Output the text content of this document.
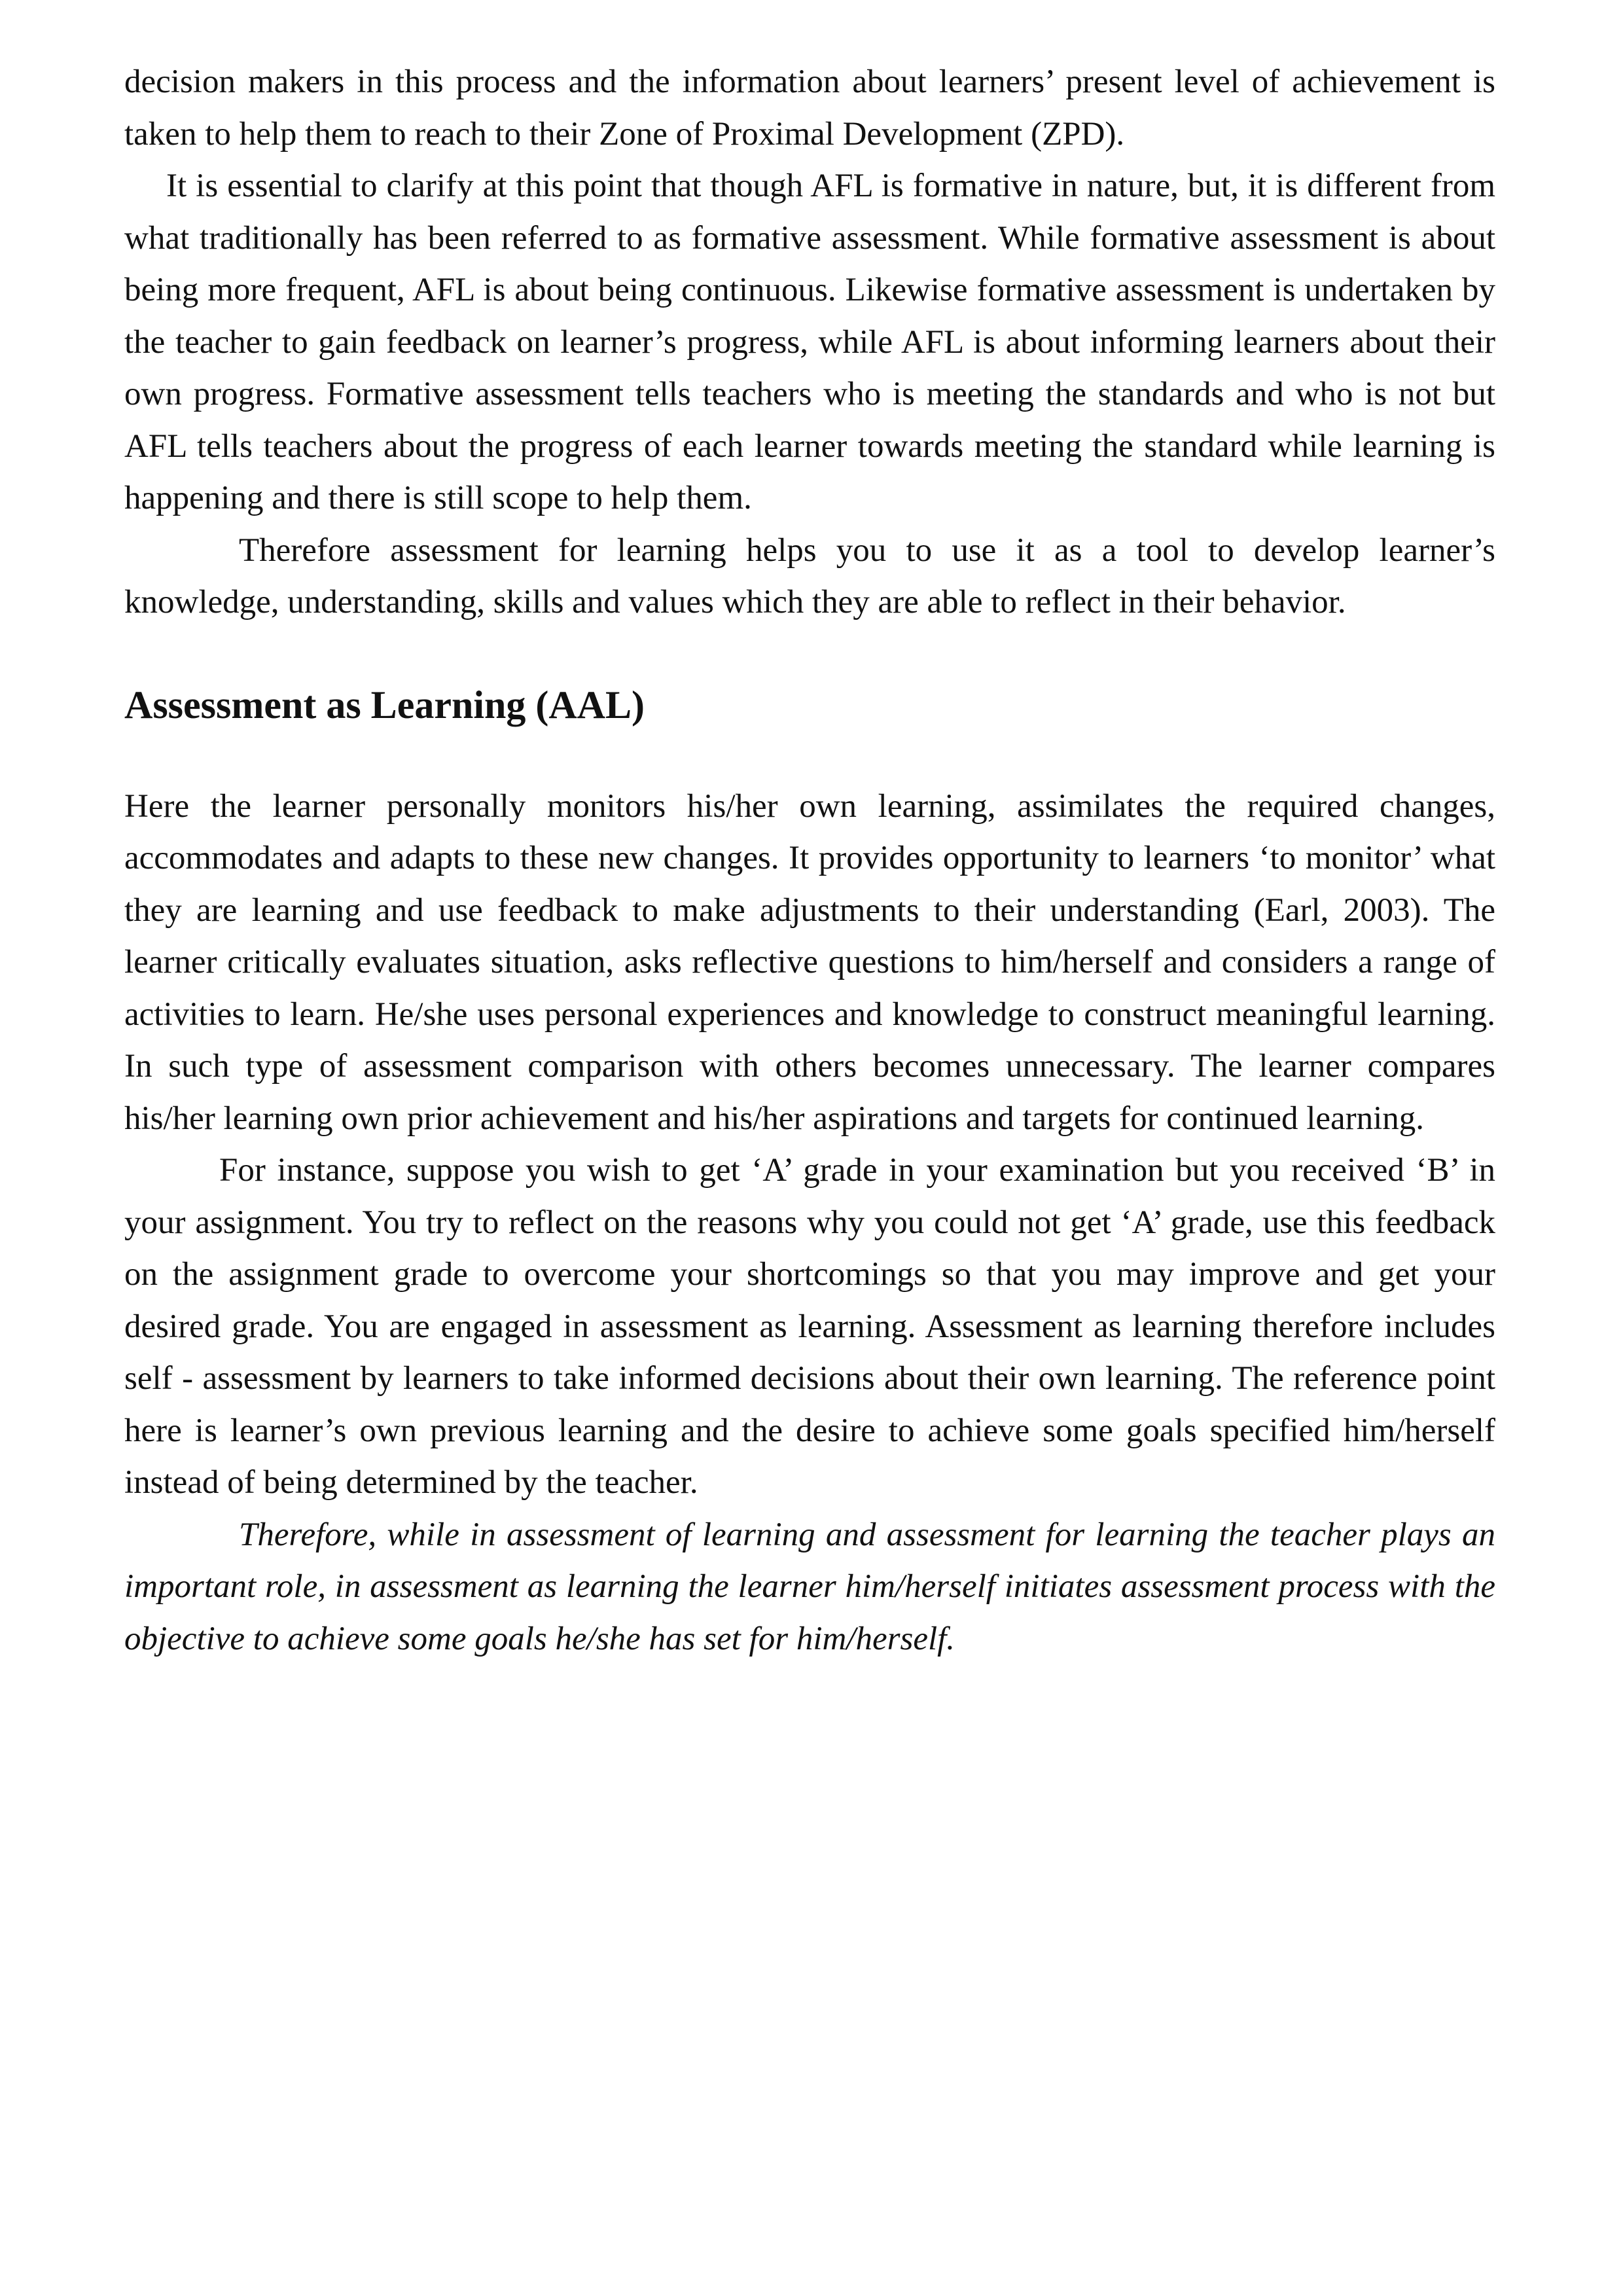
decision makers in this process and the information about learners’ present level of achievement is taken to help them to reach to their Zone of Proximal Development (ZPD).

It is essential to clarify at this point that though AFL is formative in nature, but, it is different from what traditionally has been referred to as formative assessment. While formative assessment is about being more frequent, AFL is about being continuous. Likewise formative assessment is undertaken by the teacher to gain feedback on learner’s progress, while AFL is about informing learners about their own progress. Formative assessment tells teachers who is meeting the standards and who is not but AFL tells teachers about the progress of each learner towards meeting the standard while learning is happening and there is still scope to help them.

Therefore assessment for learning helps you to use it as a tool to develop learner’s knowledge, understanding, skills and values which they are able to reflect in their behavior.

Assessment as Learning (AAL)

Here the learner personally monitors his/her own learning, assimilates the required changes, accommodates and adapts to these new changes. It provides opportunity to learners ‘to monitor’ what they are learning and use feedback to make adjustments to their understanding (Earl, 2003). The learner critically evaluates situation, asks reflective questions to him/herself and considers a range of activities to learn. He/she uses personal experiences and knowledge to construct meaningful learning. In such type of assessment comparison with others becomes unnecessary. The learner compares his/her learning own prior achievement and his/her aspirations and targets for continued learning.

For instance, suppose you wish to get ‘A’ grade in your examination but you received ‘B’ in your assignment. You try to reflect on the reasons why you could not get ‘A’ grade, use this feedback on the assignment grade to overcome your shortcomings so that you may improve and get your desired grade. You are engaged in assessment as learning. Assessment as learning therefore includes self - assessment by learners to take informed decisions about their own learning. The reference point here is learner’s own previous learning and the desire to achieve some goals specified him/herself instead of being determined by the teacher.

Therefore, while in assessment of learning and assessment for learning the teacher plays an important role, in assessment as learning the learner him/herself initiates assessment process with the objective to achieve some goals he/she has set for him/herself.
